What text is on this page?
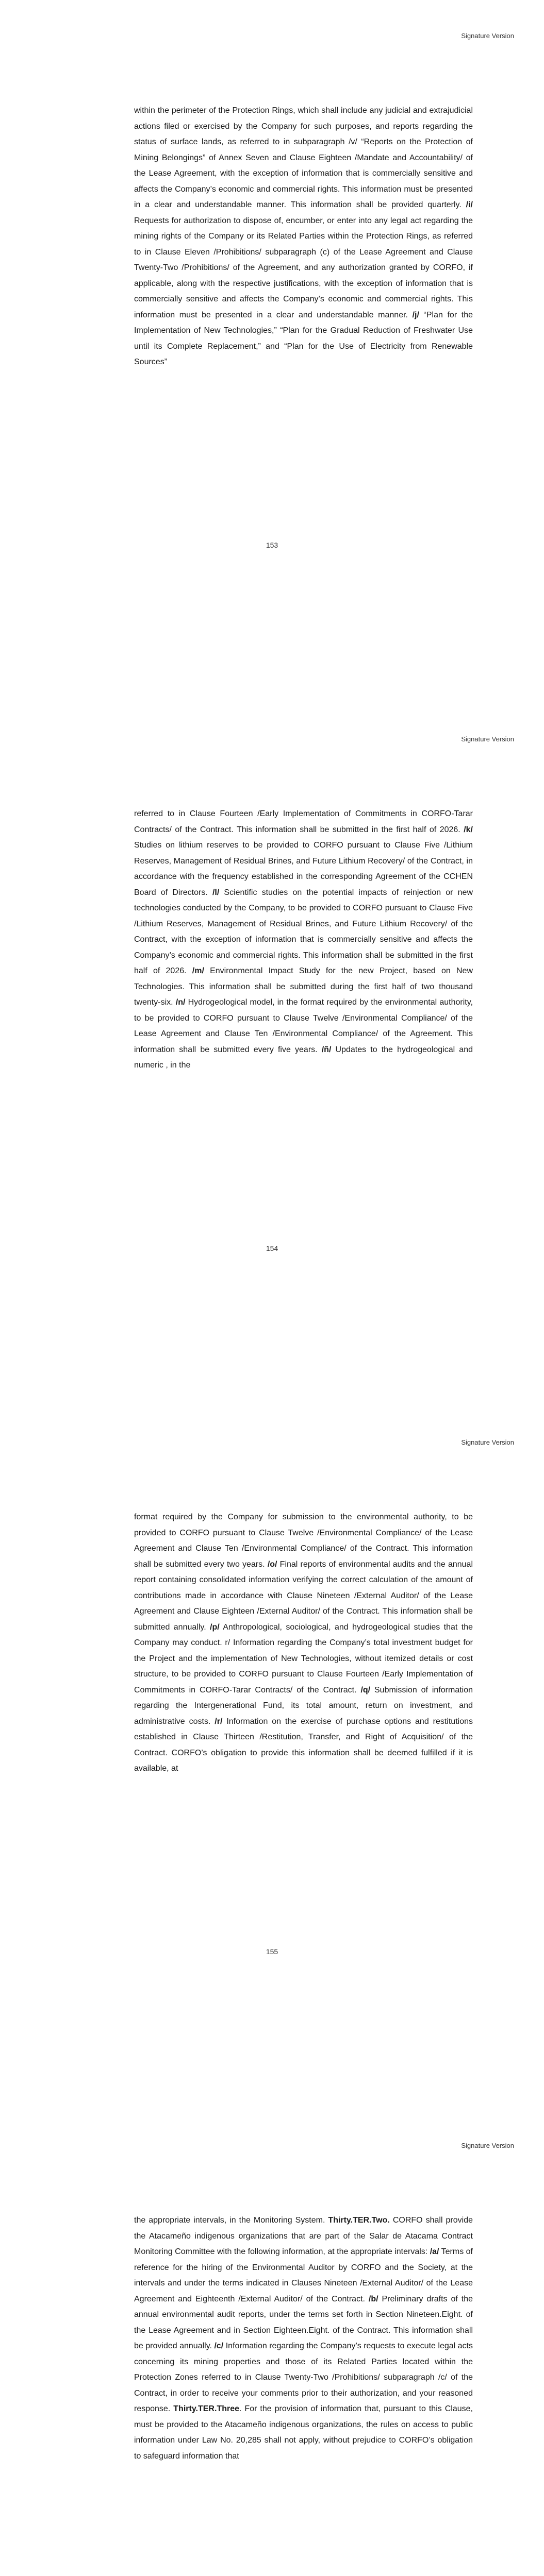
Signature Version

within the perimeter of the Protection Rings, which shall include any judicial and extrajudicial actions filed or exercised by the Company for such purposes, and reports regarding the status of surface lands, as referred to in subparagraph /v/ “Reports on the Protection of Mining Belongings” of Annex Seven and Clause Eighteen /Mandate and Accountability/ of the Lease Agreement, with the exception of information that is commercially sensitive and affects the Company’s economic and commercial rights. This information must be presented in a clear and understandable manner. This information shall be provided quarterly. /i/ Requests for authorization to dispose of, encumber, or enter into any legal act regarding the mining rights of the Company or its Related Parties within the Protection Rings, as referred to in Clause Eleven /Prohibitions/ subparagraph (c) of the Lease Agreement and Clause Twenty-Two /Prohibitions/ of the Agreement, and any authorization granted by CORFO, if applicable, along with the respective justifications, with the exception of information that is commercially sensitive and affects the Company’s economic and commercial rights. This information must be presented in a clear and understandable manner. /j/ “Plan for the Implementation of New Technologies,” “Plan for the Gradual Reduction of Freshwater Use until its Complete Replacement,” and “Plan for the Use of Electricity from Renewable Sources”

153
Signature Version

referred to in Clause Fourteen /Early Implementation of Commitments in CORFO-Tarar Contracts/ of the Contract. This information shall be submitted in the first half of 2026. /k/ Studies on lithium reserves to be provided to CORFO pursuant to Clause Five /Lithium Reserves, Management of Residual Brines, and Future Lithium Recovery/ of the Contract, in accordance with the frequency established in the corresponding Agreement of the CCHEN Board of Directors. /l/ Scientific studies on the potential impacts of reinjection or new technologies conducted by the Company, to be provided to CORFO pursuant to Clause Five /Lithium Reserves, Management of Residual Brines, and Future Lithium Recovery/ of the Contract, with the exception of information that is commercially sensitive and affects the Company’s economic and commercial rights. This information shall be submitted in the first half of 2026. /m/ Environmental Impact Study for the new Project, based on New Technologies. This information shall be submitted during the first half of two thousand twenty-six. /n/ Hydrogeological model, in the format required by the environmental authority, to be provided to CORFO pursuant to Clause Twelve /Environmental Compliance/ of the Lease Agreement and Clause Ten /Environmental Compliance/ of the Agreement. This information shall be submitted every five years. /ñ/ Updates to the hydrogeological and numeric , in the

154
Signature Version

format required by the Company for submission to the environmental authority, to be provided to CORFO pursuant to Clause Twelve /Environmental Compliance/ of the Lease Agreement and Clause Ten /Environmental Compliance/ of the Contract. This information shall be submitted every two years. /o/ Final reports of environmental audits and the annual report containing consolidated information verifying the correct calculation of the amount of contributions made in accordance with Clause Nineteen /External Auditor/ of the Lease Agreement and Clause Eighteen /External Auditor/ of the Contract. This information shall be submitted annually. /p/ Anthropological, sociological, and hydrogeological studies that the Company may conduct. r/ Information regarding the Company’s total investment budget for the Project and the implementation of New Technologies, without itemized details or cost structure, to be provided to CORFO pursuant to Clause Fourteen /Early Implementation of Commitments in CORFO-Tarar Contracts/ of the Contract. /q/ Submission of information regarding the Intergenerational Fund, its total amount, return on investment, and administrative costs. /r/ Information on the exercise of purchase options and restitutions established in Clause Thirteen /Restitution, Transfer, and Right of Acquisition/ of the Contract. CORFO’s obligation to provide this information shall be deemed fulfilled if it is available, at

155
Signature Version

the appropriate intervals, in the Monitoring System. Thirty.TER.Two. CORFO shall provide the Atacameño indigenous organizations that are part of the Salar de Atacama Contract Monitoring Committee with the following information, at the appropriate intervals: /a/ Terms of reference for the hiring of the Environmental Auditor by CORFO and the Society, at the intervals and under the terms indicated in Clauses Nineteen /External Auditor/ of the Lease Agreement and Eighteenth /External Auditor/ of the Contract. /b/ Preliminary drafts of the annual environmental audit reports, under the terms set forth in Section Nineteen.Eight. of the Lease Agreement and in Section Eighteen.Eight. of the Contract. This information shall be provided annually. /c/ Information regarding the Company’s requests to execute legal acts concerning its mining properties and those of its Related Parties located within the Protection Zones referred to in Clause Twenty-Two /Prohibitions/ subparagraph /c/ of the Contract, in order to receive your comments prior to their authorization, and your reasoned response. Thirty.TER.Three. For the provision of information that, pursuant to this Clause, must be provided to the Atacameño indigenous organizations, the rules on access to public information under Law No. 20,285 shall not apply, without prejudice to CORFO’s obligation to safeguard information that
